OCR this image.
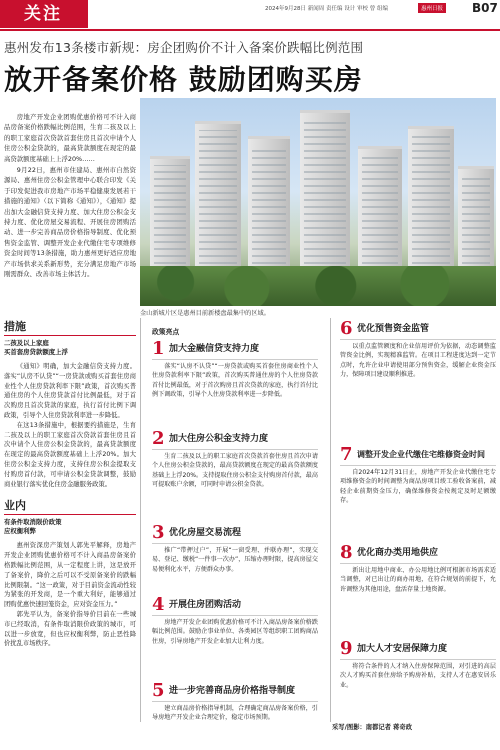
关注	2024年9月28日 新闻周 责任编 设计 审校 曾 组编	惠州日报 B07
惠州发布13条楼市新规：房企团购价不计入备案价跌幅比例范围
放开备案价格 鼓励团购买房

房地产开发企业团购优惠价格可不计入商品房备案价格跌幅比例范围，生育二孩及以上的职工家庭首次贷款首套住房且首次申请个人住房公积金贷款的，最高贷款额度在现定的最高贷款额度基础上上浮20%……

9月22日，惠州市住建局、惠州市自然资源局、惠州住房公积金管理中心联合印发《关于印发促进我市房地产市场平稳健康发展若干措施的通知》（以下简称《通知》），《通知》提出加大金融信贷支持力度、加大住房公积金支持力度、优化房屋交易流程、开展住房团购活动、进一步完善商品房价格指导制度、优化预售资金监管、调整开发企业代缴住宅专项维修资金时间等13条措施，助力惠州更好适应房地产市场供求关系新形势，充分满足房地产市场刚需群众、改善市场主体活力。

金山新城片区是惠州目前新楼盘最集中的区域。
措施
二孩及以上家庭
买首套房贷款额度上浮

《通知》明确，加大金融信贷支持力度。落实“认房不认贷”“一房贷款或购买首套住房商业性个人住房贷款利率下限”政策，首次购买普通住房的个人住房贷款首付比例最低，对于首次购房且首次贷款的家庭，执行首付比例下调政策，引导个人住房贷款利率进一步降低。

在这13条措施中，根据要约措施是，生育二孩及以上的职工家庭首次贷款首套住房且首次申请个人住房公积金贷款的，最高贷款额度在现定的最高贷款额度基础上上浮20%。加大住房公积金支持力度，支持住房公积金提取支付购房首付款，可申请公积金贷款调整，鼓励商业银行落实优化住房金融服务政策。

业内
有条件取消限价政策
应权衡利弊

惠州资深房产策划人郭先平解释，房地产开发企业团购优惠价格可不计入商品房备案价格跌幅比例范围，从一定程度上讲，这是放开了备案价，降价之后可以不受原备案价的跌幅比例限制。“这一政策，对于目前资金流动性较为紧张的开发商，是一个重大利好，能够通过团购优惠快速回笼资金，应对资金压力。”

郭先平认为，备案价指导价目前在一些城市已经取消，有条件取消限价政策的城市，可以进一步放宽，但也应权衡利弊，防止恶性降价扰乱市场秩序。

政策亮点
1 加大金融信贷支持力度
落实“认房不认贷”“一房贷款或购买首套住房商业性个人住房贷款利率下限”政策，首次购买普通住房的个人住房贷款首付比例最低，对于首次购房且首次贷款的家庭，执行首付比例下调政策，引导个人住房贷款利率进一步降低。
2 加大住房公积金支持力度
生育二孩及以上的职工家庭首次贷款首套住房且首次申请个人住房公积金贷款的，最高贷款额度在现定的最高贷款额度基础上上浮20%。支持提取住房公积金支付购房首付款，最高可提取账户余额，可同时申请公积金贷款。
3 优化房屋交易流程
推广“带押过户”，开展“一窗受理、并联办理”，实现交易、登记、缴税“一件事一次办”，压缩办理时限，提高房屋交易便利化水平，方便群众办事。
4 开展住房团购活动
房地产开发企业团购优惠价格可不计入商品房备案价格跌幅比例范围。鼓励企事业单位、各类园区等组织职工团购商品住房，引导房地产开发企业加大让利力度。
5 进一步完善商品房价格指导制度
建立商品房价格指导机制，合理确定商品房备案价格，引导房地产开发企业合理定价，稳定市场预期。
6 优化预售资金监管
以重点监管额度和企业信用评价为依据，动态调整监管资金比例，实现精准监管。在项目工程进度达到一定节点时，允许企业申请使用部分预售资金，缓解企业资金压力，保障项目建设顺利推进。
7 调整开发企业代缴住宅维修资金时间
自2024年12月31日止，房地产开发企业代缴住宅专项维修资金的时间调整为商品房项目竣工验收备案前，减轻企业前期资金压力，确保维修资金按规定及时足额缴存。
8 优化商办类用地供应
新出让用地中商业、办公用地比例可根据市场需求适当调整，对已出让的商办用地，在符合规划的前提下，允许调整为其他用途，盘活存量土地资源。
9 加大人才安居保障力度
将符合条件的人才纳入住房保障范围，对引进的高层次人才购买首套住房给予购房补贴，支持人才在惠安居乐业。
采写/图影：南都记者 蒋奇政
